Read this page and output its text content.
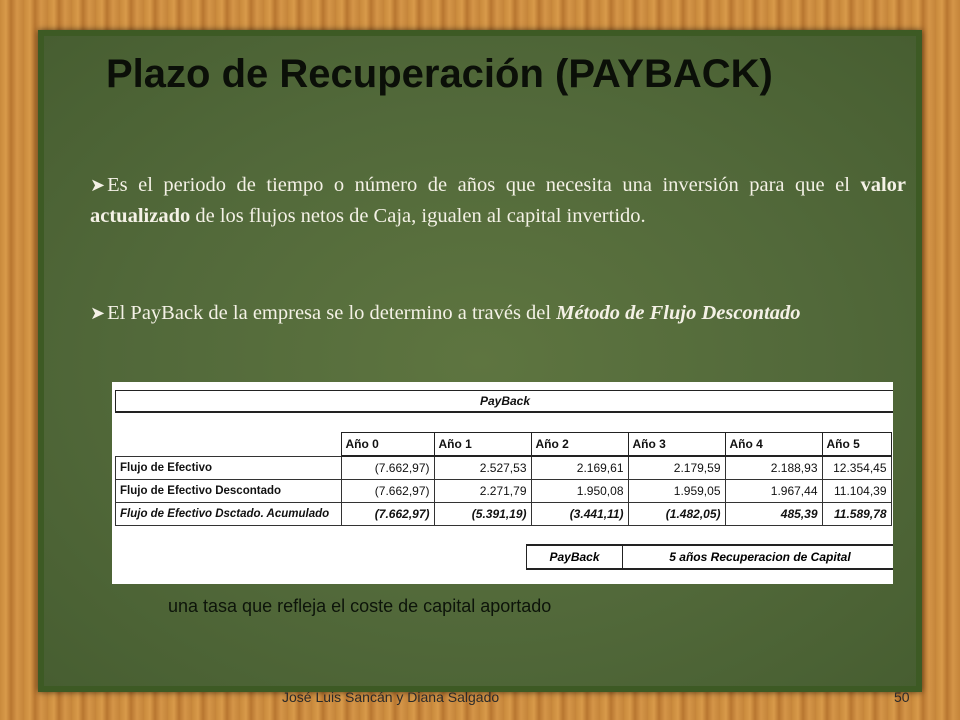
Plazo de Recuperación (PAYBACK)
➤Es el periodo de tiempo o número de años que necesita una inversión para que el valor actualizado de los flujos netos de Caja, igualen al capital invertido.
➤El PayBack de la empresa se lo determino a través del Método de Flujo Descontado
PayBack
	Año 0	Año 1	Año 2	Año 3	Año 4	Año 5
Flujo de Efectivo	(7.662,97)	2.527,53	2.169,61	2.179,59	2.188,93	12.354,45
Flujo de Efectivo Descontado	(7.662,97)	2.271,79	1.950,08	1.959,05	1.967,44	11.104,39
Flujo de Efectivo Dsctado. Acumulado	(7.662,97)	(5.391,19)	(3.441,11)	(1.482,05)	485,39	11.589,78
PayBack	5 años Recuperacion de Capital
una tasa que refleja el coste de capital aportado
José Luis Sancán y Diana Salgado	50
